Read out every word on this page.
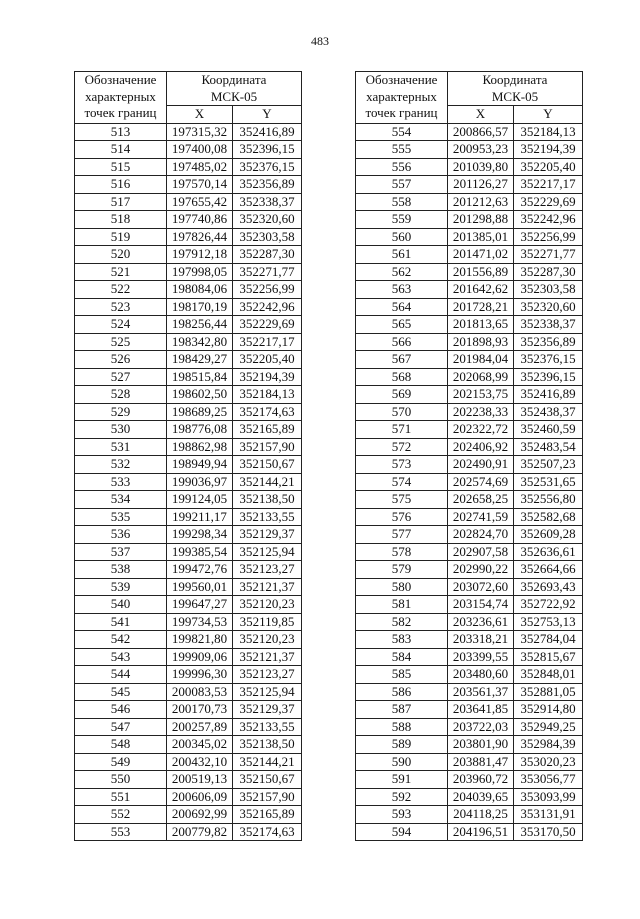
483
Обозначение
характерных
точек границ	Координата
МСК-05	
	X	Y
513	197315,32	352416,89
514	197400,08	352396,15
515	197485,02	352376,15
516	197570,14	352356,89
517	197655,42	352338,37
518	197740,86	352320,60
519	197826,44	352303,58
520	197912,18	352287,30
521	197998,05	352271,77
522	198084,06	352256,99
523	198170,19	352242,96
524	198256,44	352229,69
525	198342,80	352217,17
526	198429,27	352205,40
527	198515,84	352194,39
528	198602,50	352184,13
529	198689,25	352174,63
530	198776,08	352165,89
531	198862,98	352157,90
532	198949,94	352150,67
533	199036,97	352144,21
534	199124,05	352138,50
535	199211,17	352133,55
536	199298,34	352129,37
537	199385,54	352125,94
538	199472,76	352123,27
539	199560,01	352121,37
540	199647,27	352120,23
541	199734,53	352119,85
542	199821,80	352120,23
543	199909,06	352121,37
544	199996,30	352123,27
545	200083,53	352125,94
546	200170,73	352129,37
547	200257,89	352133,55
548	200345,02	352138,50
549	200432,10	352144,21
550	200519,13	352150,67
551	200606,09	352157,90
552	200692,99	352165,89
553	200779,82	352174,63
Обозначение
характерных
точек границ	Координата
МСК-05	
	X	Y
554	200866,57	352184,13
555	200953,23	352194,39
556	201039,80	352205,40
557	201126,27	352217,17
558	201212,63	352229,69
559	201298,88	352242,96
560	201385,01	352256,99
561	201471,02	352271,77
562	201556,89	352287,30
563	201642,62	352303,58
564	201728,21	352320,60
565	201813,65	352338,37
566	201898,93	352356,89
567	201984,04	352376,15
568	202068,99	352396,15
569	202153,75	352416,89
570	202238,33	352438,37
571	202322,72	352460,59
572	202406,92	352483,54
573	202490,91	352507,23
574	202574,69	352531,65
575	202658,25	352556,80
576	202741,59	352582,68
577	202824,70	352609,28
578	202907,58	352636,61
579	202990,22	352664,66
580	203072,60	352693,43
581	203154,74	352722,92
582	203236,61	352753,13
583	203318,21	352784,04
584	203399,55	352815,67
585	203480,60	352848,01
586	203561,37	352881,05
587	203641,85	352914,80
588	203722,03	352949,25
589	203801,90	352984,39
590	203881,47	353020,23
591	203960,72	353056,77
592	204039,65	353093,99
593	204118,25	353131,91
594	204196,51	353170,50
